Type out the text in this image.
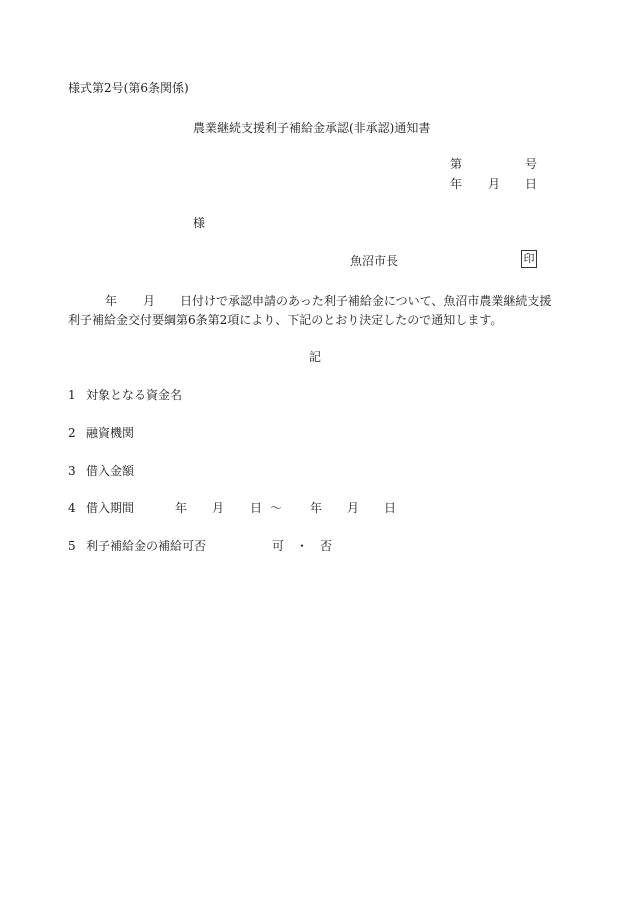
様式第2号(第6条関係)
農業継続支援利子補給金承認(非承認)通知書
第	号
年 月 日
様
魚沼市長	印
年 月 日付けで承認申請のあった利子補給金について、魚沼市農業継続支援
利子補給金交付要綱第6条第2項により、下記のとおり決定したので通知します。
記
1 対象となる資金名
2 融資機関
3 借入金額
4 借入期間	年 月 日 〜 年 月 日
5 利子補給金の補給可否	可 ・ 否
